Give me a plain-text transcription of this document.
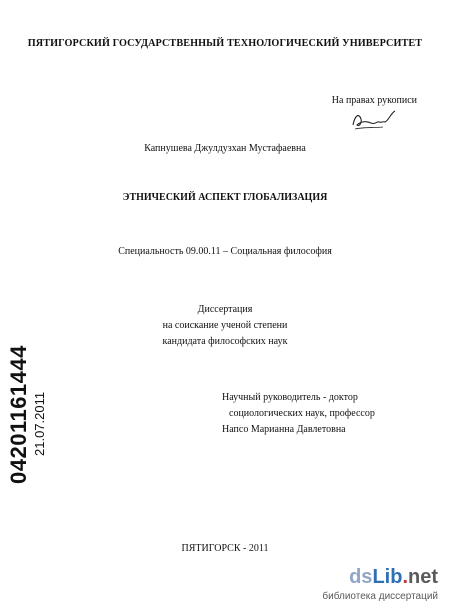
ПЯТИГОРСКИЙ ГОСУДАРСТВЕННЫЙ ТЕХНОЛОГИЧЕСКИЙ УНИВЕРСИТЕТ
На правах рукописи
Капнушева Джулдузхан Мустафаевна
ЭТНИЧЕСКИЙ АСПЕКТ ГЛОБАЛИЗАЦИЯ
Специальность 09.00.11 – Социальная философия
Диссертация
на соискание ученой степени
кандидата философских наук
Научный руководитель - доктор
социологических наук, профессор
Напсо Марианна Давлетовна
ПЯТИГОРСК - 2011
04201161444 21.07.2011
dsLib.net
библиотека диссертаций
